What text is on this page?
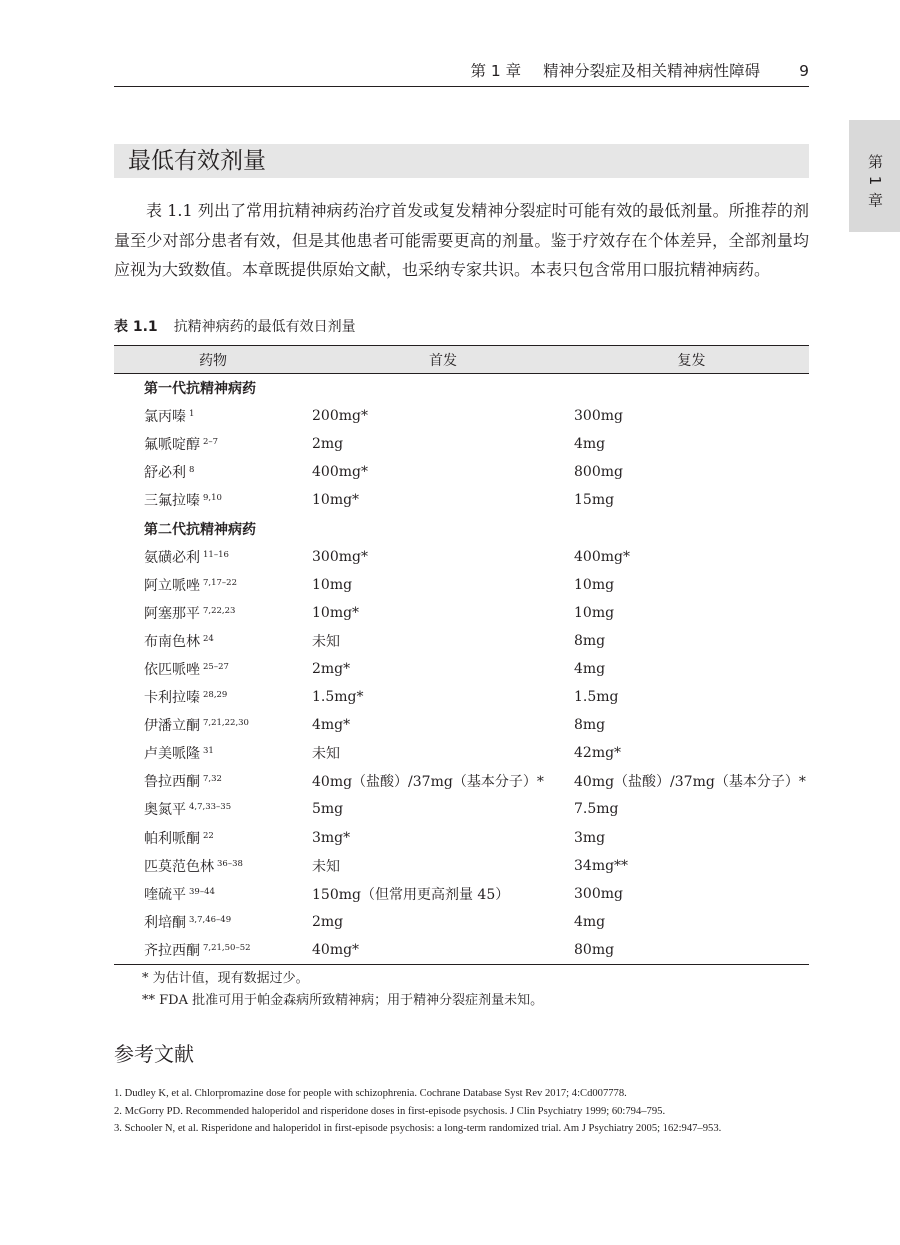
第 1 章 精神分裂症及相关精神病性障碍	9
第 1 章
最低有效剂量

表 1.1 列出了常用抗精神病药治疗首发或复发精神分裂症时可能有效的最低剂量。所推荐的剂量至少对部分患者有效，但是其他患者可能需要更高的剂量。鉴于疗效存在个体差异，全部剂量均应视为大致数值。本章既提供原始文献，也采纳专家共识。本表只包含常用口服抗精神病药。

表 1.1 抗精神病药的最低有效日剂量
药物	首发	复发
第一代抗精神病药		
氯丙嗪 $^1$	200mg*	300mg
氟哌啶醇 $^{2-7}$	2mg	4mg
舒必利 $^8$	400mg*	800mg
三氟拉嗪 $^{9,10}$	10mg*	15mg
第二代抗精神病药		
氨磺必利 $^{11-16}$	300mg*	400mg*
阿立哌唑 $^{7,17-22}$	10mg	10mg
阿塞那平 $^{7,22,23}$	10mg*	10mg
布南色林 $^{24}$	未知	8mg
依匹哌唑 $^{25-27}$	2mg*	4mg
卡利拉嗪 $^{28,29}$	1.5mg*	1.5mg
伊潘立酮 $^{7,21,22,30}$	4mg*	8mg
卢美哌隆 $^{31}$	未知	42mg*
鲁拉西酮 $^{7,32}$	40mg（盐酸）/37mg（基本分子）*	40mg（盐酸）/37mg（基本分子）*
奥氮平 $^{4,7,33-35}$	5mg	7.5mg
帕利哌酮 $^{22}$	3mg*	3mg
匹莫范色林 $^{36-38}$	未知	34mg**
喹硫平 $^{39-44}$	150mg（但常用更高剂量 45）	300mg
利培酮 $^{3,7,46-49}$	2mg	4mg
齐拉西酮 $^{7,21,50-52}$	40mg*	80mg
* 为估计值，现有数据过少。
** FDA 批准可用于帕金森病所致精神病；用于精神分裂症剂量未知。
参考文献
1. Dudley K, et al. Chlorpromazine dose for people with schizophrenia. Cochrane Database Syst Rev 2017; 4:Cd007778.
2. McGorry PD. Recommended haloperidol and risperidone doses in first-episode psychosis. J Clin Psychiatry 1999; 60:794–795.
3. Schooler N, et al. Risperidone and haloperidol in first-episode psychosis: a long-term randomized trial. Am J Psychiatry 2005; 162:947–953.
